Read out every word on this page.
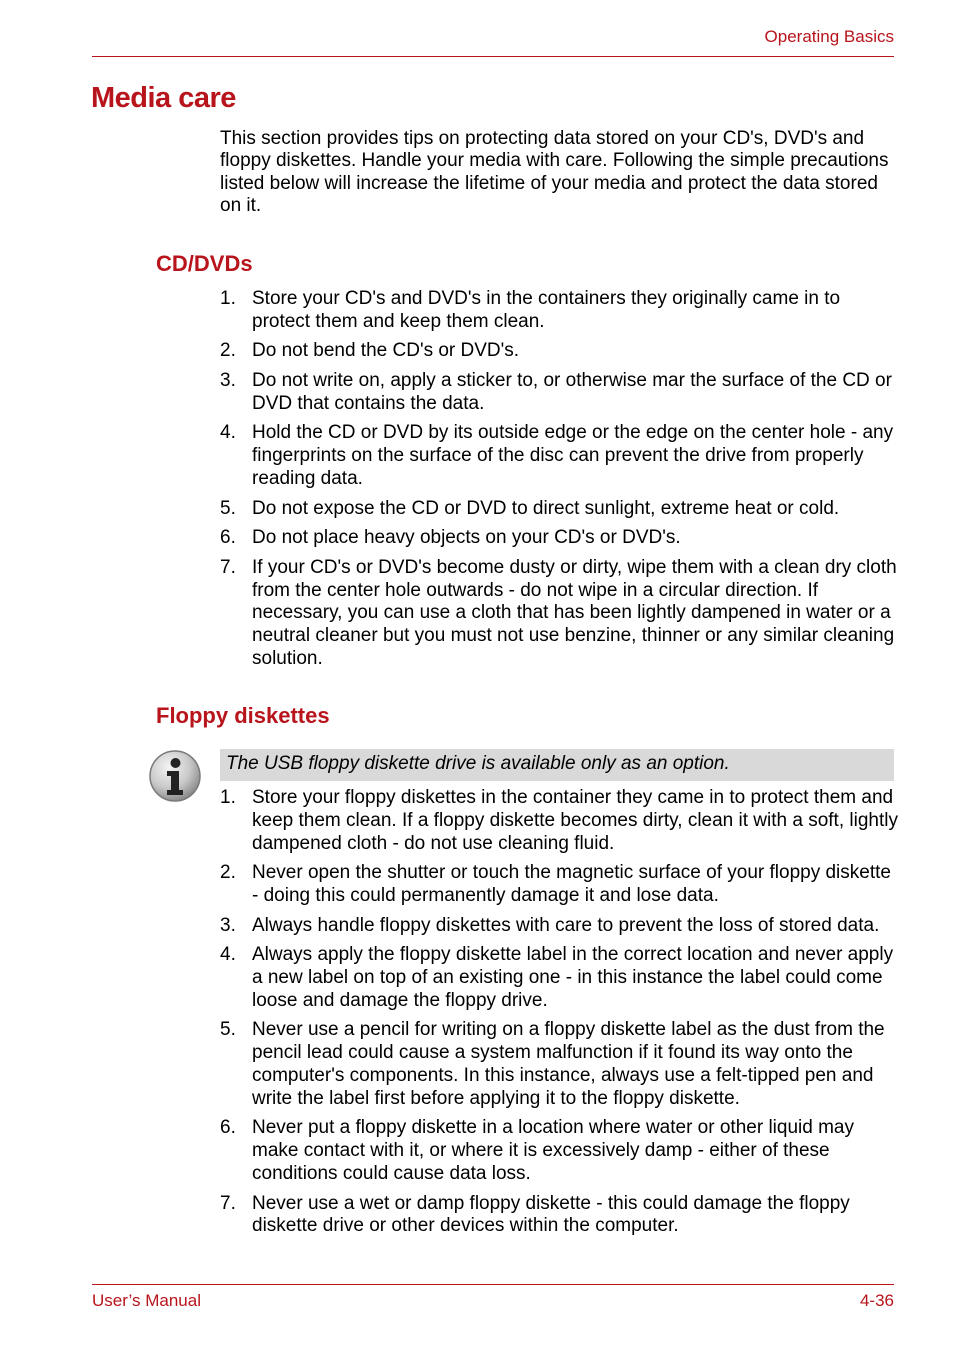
Operating Basics
Media care

This section provides tips on protecting data stored on your CD's, DVD's and floppy diskettes. Handle your media with care. Following the simple precautions listed below will increase the lifetime of your media and protect the data stored on it.

CD/DVDs
1. Store your CD's and DVD's in the containers they originally came in to protect them and keep them clean.
2. Do not bend the CD's or DVD's.
3. Do not write on, apply a sticker to, or otherwise mar the surface of the CD or DVD that contains the data.
4. Hold the CD or DVD by its outside edge or the edge on the center hole - any fingerprints on the surface of the disc can prevent the drive from properly reading data.
5. Do not expose the CD or DVD to direct sunlight, extreme heat or cold.
6. Do not place heavy objects on your CD's or DVD's.
7. If your CD's or DVD's become dusty or dirty, wipe them with a clean dry cloth from the center hole outwards - do not wipe in a circular direction. If necessary, you can use a cloth that has been lightly dampened in water or a neutral cleaner but you must not use benzine, thinner or any similar cleaning solution.
Floppy diskettes
The USB floppy diskette drive is available only as an option.
1. Store your floppy diskettes in the container they came in to protect them and keep them clean. If a floppy diskette becomes dirty, clean it with a soft, lightly dampened cloth - do not use cleaning fluid.
2. Never open the shutter or touch the magnetic surface of your floppy diskette - doing this could permanently damage it and lose data.
3. Always handle floppy diskettes with care to prevent the loss of stored data.
4. Always apply the floppy diskette label in the correct location and never apply a new label on top of an existing one - in this instance the label could come loose and damage the floppy drive.
5. Never use a pencil for writing on a floppy diskette label as the dust from the pencil lead could cause a system malfunction if it found its way onto the computer's components. In this instance, always use a felt-tipped pen and write the label first before applying it to the floppy diskette.
6. Never put a floppy diskette in a location where water or other liquid may make contact with it, or where it is excessively damp - either of these conditions could cause data loss.
7. Never use a wet or damp floppy diskette - this could damage the floppy diskette drive or other devices within the computer.
User’s Manual	4-36
